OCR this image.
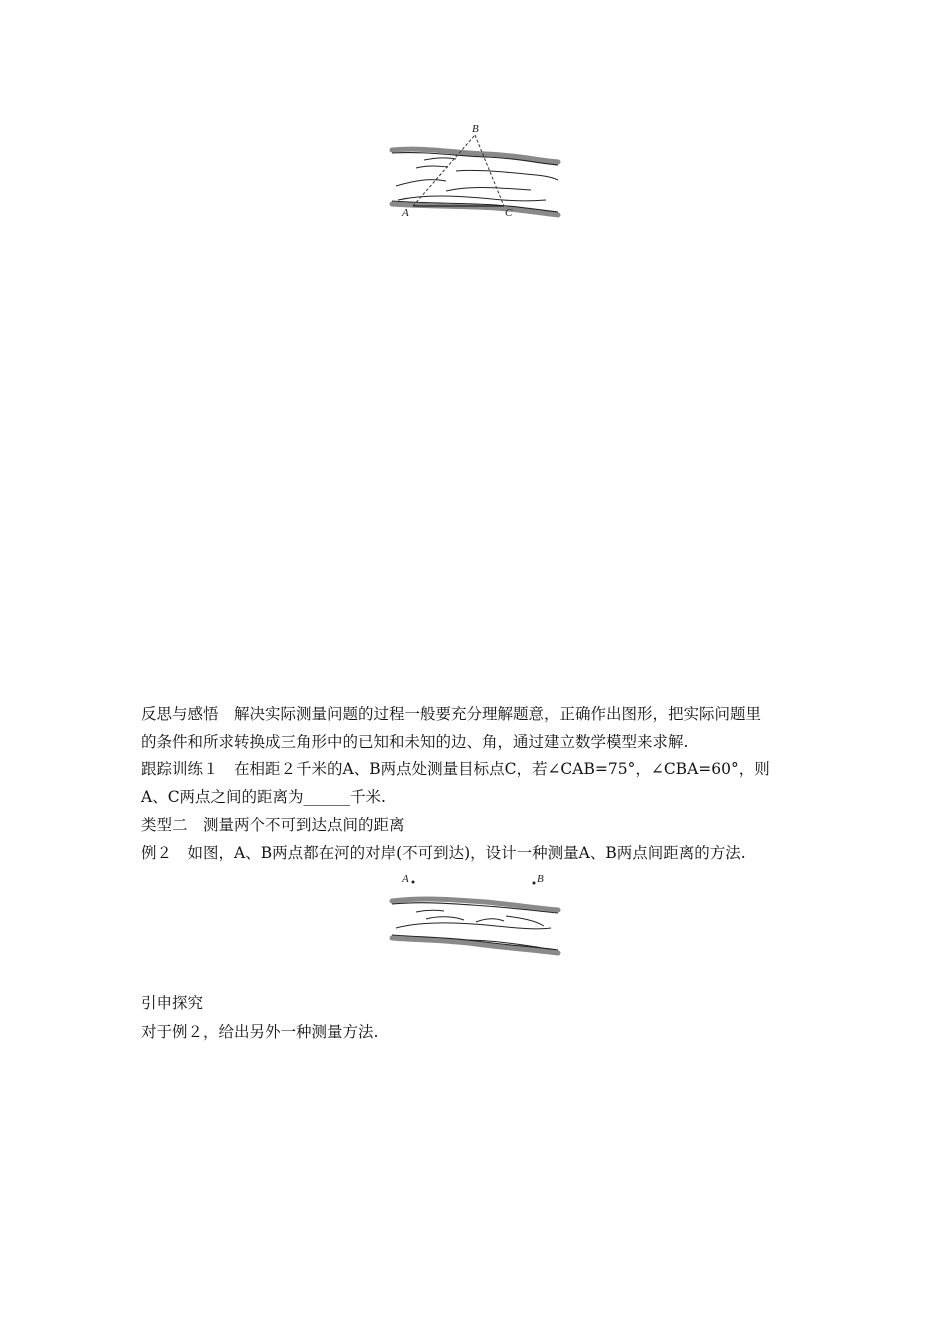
A
B
C
反思与感悟　解决实际测量问题的过程一般要充分理解题意，正确作出图形，把实际问题里
的条件和所求转换成三角形中的已知和未知的边、角，通过建立数学模型来求解.
跟踪训练１　在相距２千米的A、B两点处测量目标点C，若∠CAB=75°，∠CBA=60°，则
A、C两点之间的距离为______千米.
类型二　测量两个不可到达点间的距离
例２　如图，A、B两点都在河的对岸(不可到达)，设计一种测量A、B两点间距离的方法.
A	B
引申探究
对于例２，给出另外一种测量方法.
